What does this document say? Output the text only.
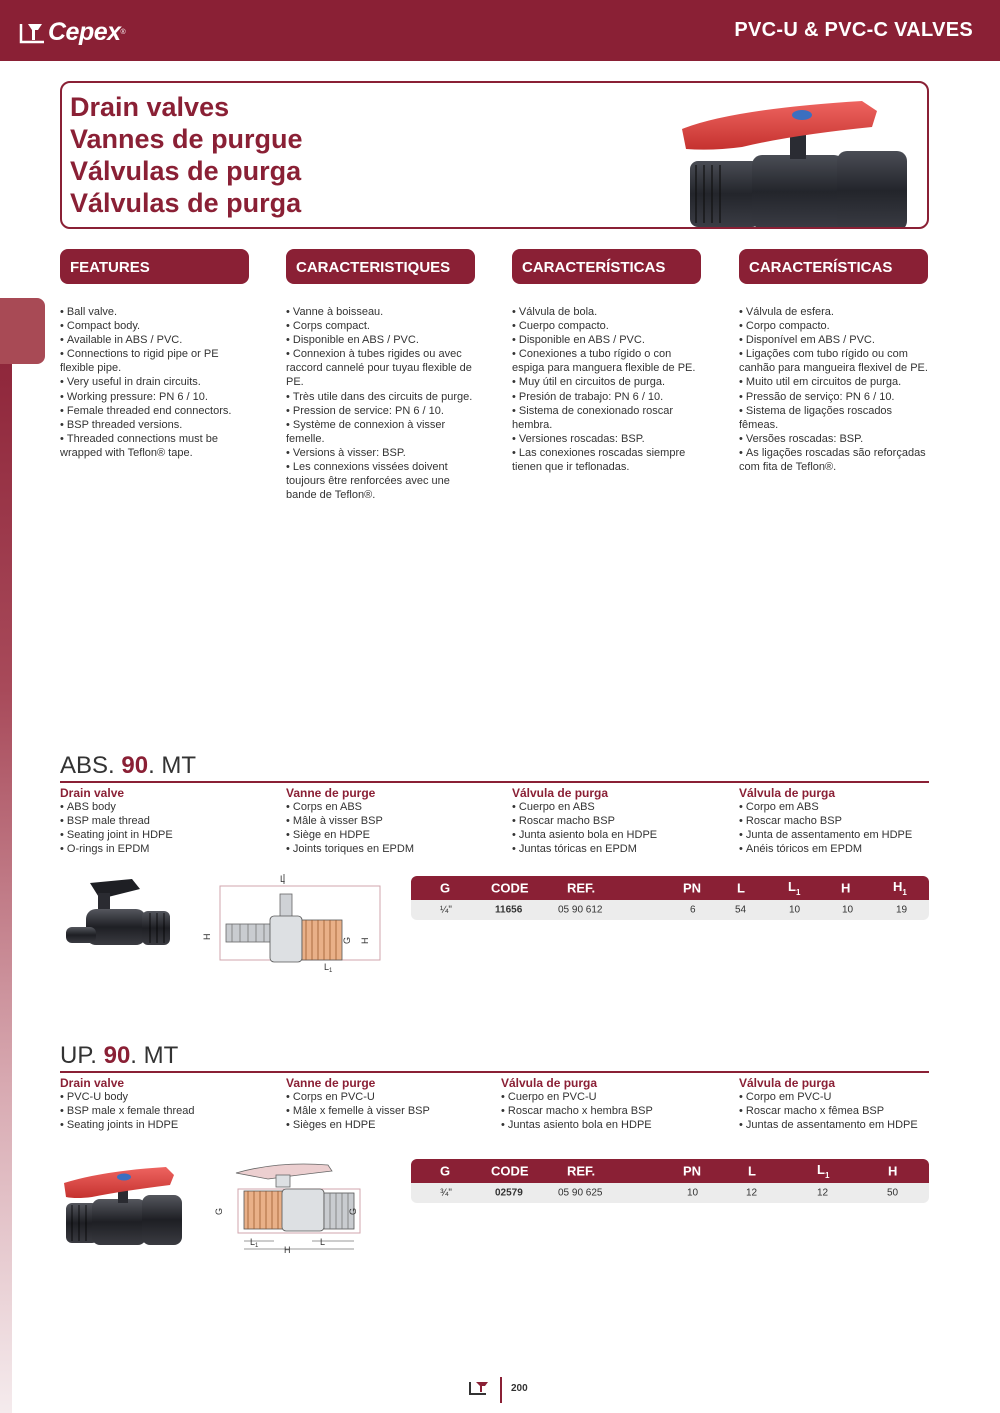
Cepex ®	PVC-U & PVC-C VALVES
Drain valves
Vannes de purgue
Válvulas de purga
Válvulas de purga
FEATURES	CARACTERISTIQUES	CARACTERÍSTICAS	CARACTERÍSTICAS
• Ball valve.
• Compact body.
• Available in ABS / PVC.
• Connections to rigid pipe or PE flexible pipe.
• Very useful in drain circuits.
• Working pressure: PN 6 / 10.
• Female threaded end connectors.
• BSP threaded versions.
• Threaded connections must be wrapped with Teflon® tape.
• Vanne à boisseau.
• Corps compact.
• Disponible en ABS / PVC.
• Connexion à tubes rigides ou avec raccord cannelé pour tuyau flexible de PE.
• Très utile dans des circuits de purge.
• Pression de service: PN 6 / 10.
• Système de connexion à visser femelle.
• Versions à visser: BSP.
• Les connexions vissées doivent toujours être renforcées avec une bande de Teflon®.
• Válvula de bola.
• Cuerpo compacto.
• Disponible en ABS / PVC.
• Conexiones a tubo rígido o con espiga para manguera flexible de PE.
• Muy útil en circuitos de purga.
• Presión de trabajo: PN 6 / 10.
• Sistema de conexionado roscar hembra.
• Versiones roscadas: BSP.
• Las conexiones roscadas siempre tienen que ir teflonadas.
• Válvula de esfera.
• Corpo compacto.
• Disponível em ABS / PVC.
• Ligações com tubo rígido ou com canhão para mangueira flexivel de PE.
• Muito util em circuitos de purga.
• Pressão de serviço: PN 6 / 10.
• Sistema de ligações roscados fêmeas.
• Versões roscadas: BSP.
• As ligações roscadas são reforçadas com fita de Teflon®.
ABS. 90. MT
Drain valve	Vanne de purge	Válvula de purga	Válvula de purga
• ABS body
• BSP male thread
• Seating joint in HDPE
• O-rings in EPDM
• Corps en ABS
• Mâle à visser BSP
• Siège en HDPE
• Joints toriques en EPDM
• Cuerpo en ABS
• Roscar macho BSP
• Junta asiento bola en HDPE
• Juntas tóricas en EPDM
• Corpo em ABS
• Roscar macho BSP
• Junta de assentamento em HDPE
• Anéis tóricos em EPDM
L
H
G H
$L_1$
G	CODE	REF.	PN	L	$L_1$	H	$H_1$
¼"	11656	05 90 612	6	54	10	10	19
UP. 90. MT
Drain valve	Vanne de purge	Válvula de purga	Válvula de purga
• PVC-U body
• BSP male x female thread
• Seating joints in HDPE
• Corps en PVC-U
• Mâle x femelle à visser BSP
• Sièges en HDPE
• Cuerpo en PVC-U
• Roscar macho x hembra BSP
• Juntas asiento bola en HDPE
• Corpo em PVC-U
• Roscar macho x fêmea BSP
• Juntas de assentamento em HDPE
G	G
$L_1$	H
L
G	CODE	REF.	PN	L	$L_1$	H
¾"	02579	05 90 625	10	12	12	50
200
